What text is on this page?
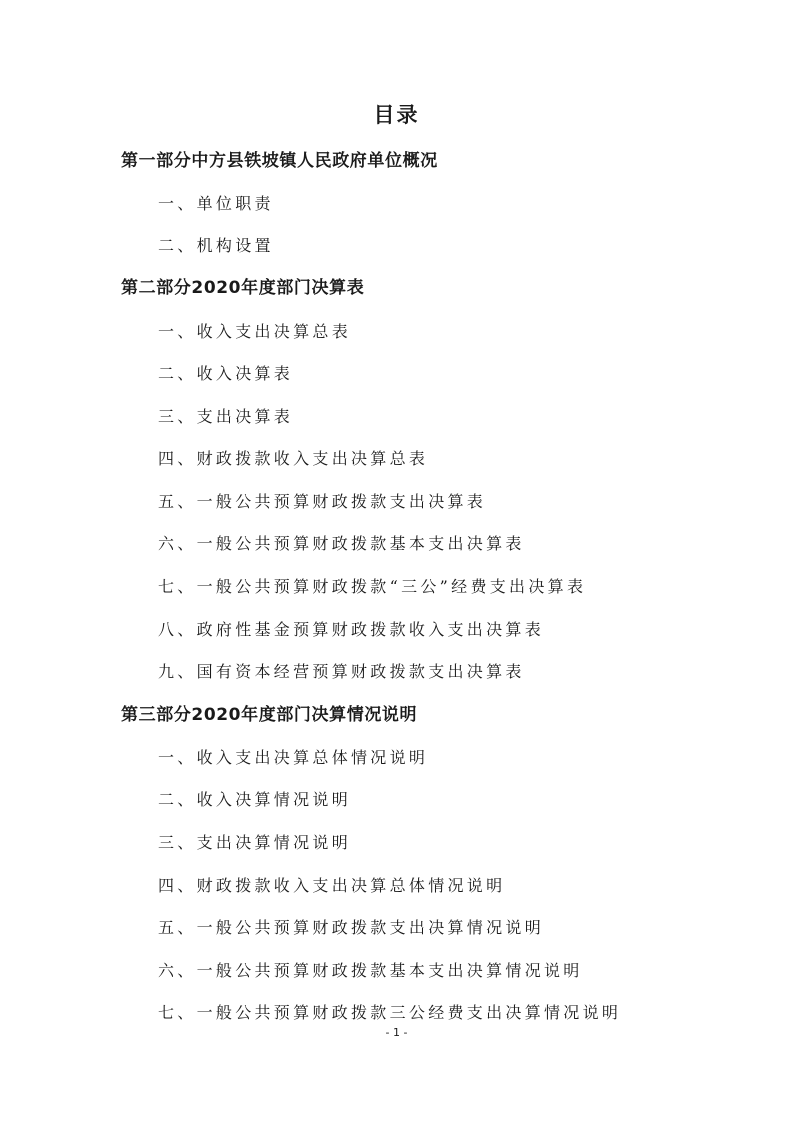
目录
第一部分中方县铁坡镇人民政府单位概况
一、单位职责
二、机构设置
第二部分2020年度部门决算表
一、收入支出决算总表
二、收入决算表
三、支出决算表
四、财政拨款收入支出决算总表
五、一般公共预算财政拨款支出决算表
六、一般公共预算财政拨款基本支出决算表
七、一般公共预算财政拨款“三公”经费支出决算表
八、政府性基金预算财政拨款收入支出决算表
九、国有资本经营预算财政拨款支出决算表
第三部分2020年度部门决算情况说明
一、收入支出决算总体情况说明
二、收入决算情况说明
三、支出决算情况说明
四、财政拨款收入支出决算总体情况说明
五、一般公共预算财政拨款支出决算情况说明
六、一般公共预算财政拨款基本支出决算情况说明
七、一般公共预算财政拨款三公经费支出决算情况说明
- 1 -
